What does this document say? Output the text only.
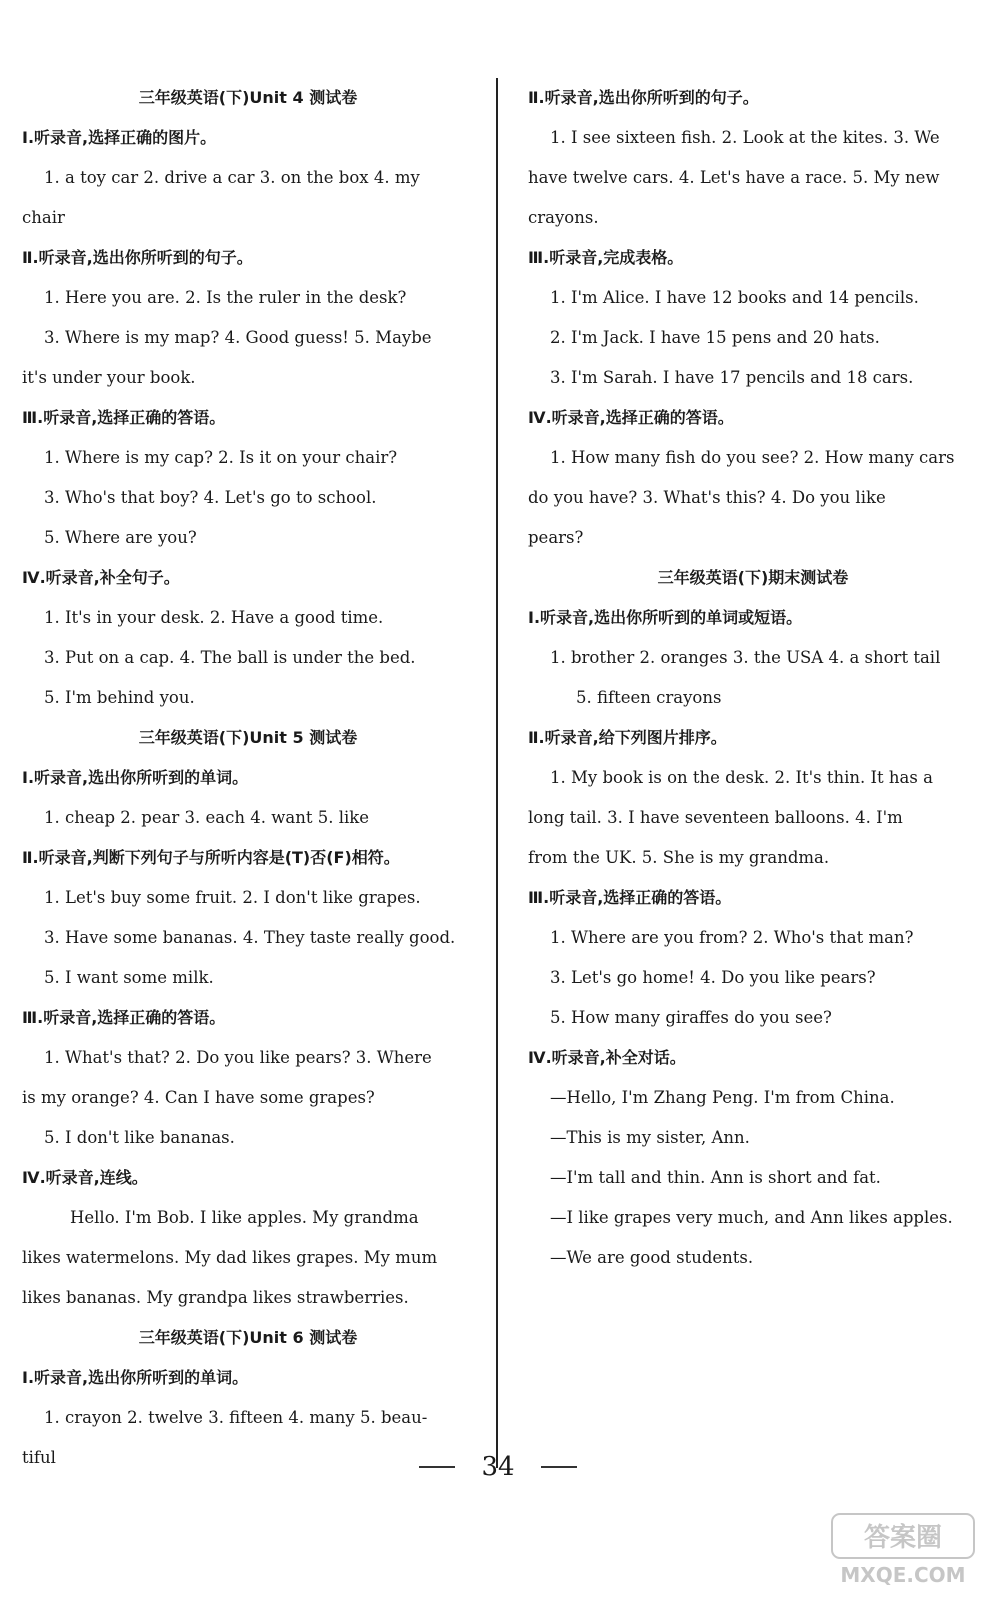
三年级英语(下)Unit 4 测试卷
Ⅰ.听录音,选择正确的图片。
1. a toy car 2. drive a car 3. on the box 4. my
chair
Ⅱ.听录音,选出你所听到的句子。
1. Here you are. 2. Is the ruler in the desk?
3. Where is my map? 4. Good guess! 5. Maybe
it's under your book.
Ⅲ.听录音,选择正确的答语。
1. Where is my cap? 2. Is it on your chair?
3. Who's that boy? 4. Let's go to school.
5. Where are you?
Ⅳ.听录音,补全句子。
1. It's in your desk. 2. Have a good time.
3. Put on a cap. 4. The ball is under the bed.
5. I'm behind you.
三年级英语(下)Unit 5 测试卷
Ⅰ.听录音,选出你所听到的单词。
1. cheap 2. pear 3. each 4. want 5. like
Ⅱ.听录音,判断下列句子与所听内容是(T)否(F)相符。
1. Let's buy some fruit. 2. I don't like grapes.
3. Have some bananas. 4. They taste really good.
5. I want some milk.
Ⅲ.听录音,选择正确的答语。
1. What's that? 2. Do you like pears? 3. Where
is my orange? 4. Can I have some grapes?
5. I don't like bananas.
Ⅳ.听录音,连线。
Hello. I'm Bob. I like apples. My grandma
likes watermelons. My dad likes grapes. My mum
likes bananas. My grandpa likes strawberries.
三年级英语(下)Unit 6 测试卷
Ⅰ.听录音,选出你所听到的单词。
1. crayon 2. twelve 3. fifteen 4. many 5. beau-
tiful
Ⅱ.听录音,选出你所听到的句子。
1. I see sixteen fish. 2. Look at the kites. 3. We
have twelve cars. 4. Let's have a race. 5. My new
crayons.
Ⅲ.听录音,完成表格。
1. I'm Alice. I have 12 books and 14 pencils.
2. I'm Jack. I have 15 pens and 20 hats.
3. I'm Sarah. I have 17 pencils and 18 cars.
Ⅳ.听录音,选择正确的答语。
1. How many fish do you see? 2. How many cars
do you have? 3. What's this? 4. Do you like
pears?
三年级英语(下)期末测试卷
Ⅰ.听录音,选出你所听到的单词或短语。
1. brother 2. oranges 3. the USA 4. a short tail
5. fifteen crayons
Ⅱ.听录音,给下列图片排序。
1. My book is on the desk. 2. It's thin. It has a
long tail. 3. I have seventeen balloons. 4. I'm
from the UK. 5. She is my grandma.
Ⅲ.听录音,选择正确的答语。
1. Where are you from? 2. Who's that man?
3. Let's go home! 4. Do you like pears?
5. How many giraffes do you see?
Ⅳ.听录音,补全对话。
—Hello, I'm Zhang Peng. I'm from China.
—This is my sister, Ann.
—I'm tall and thin. Ann is short and fat.
—I like grapes very much, and Ann likes apples.
—We are good students.
34
答案圈
MXQE.COM
